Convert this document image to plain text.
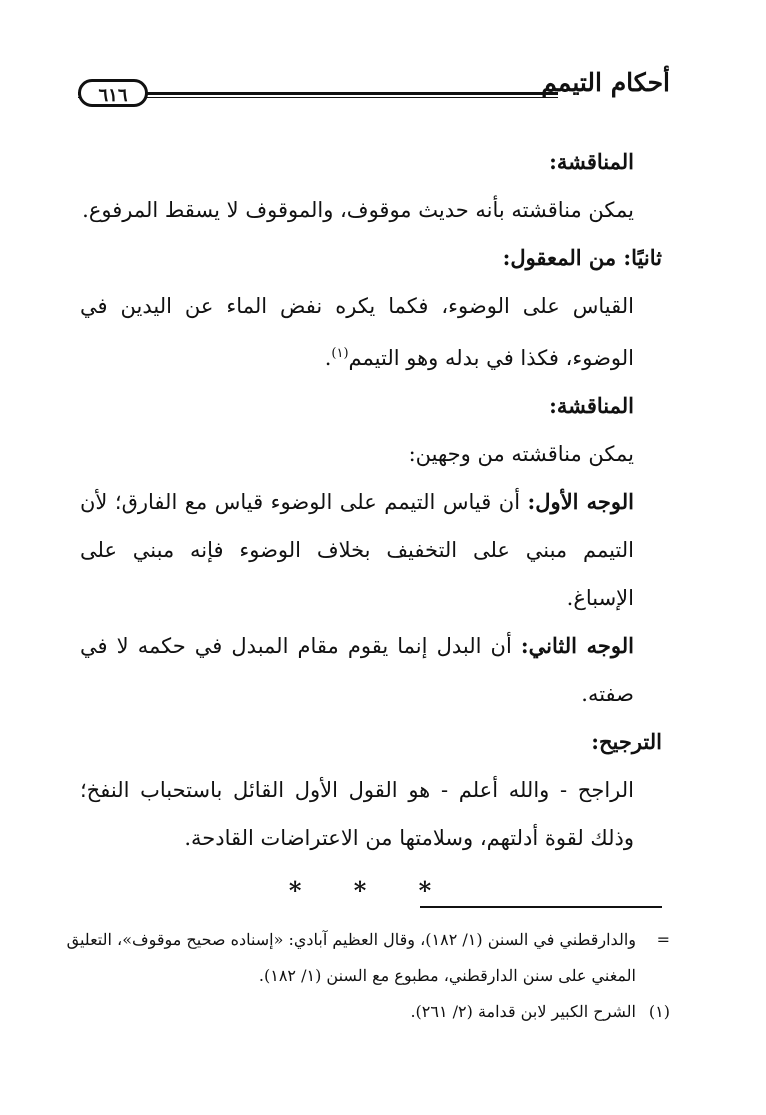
أحكام التيمم
٦١٦

المناقشة:

يمكن مناقشته بأنه حديث موقوف، والموقوف لا يسقط المرفوع.

ثانيًا: من المعقول:

القياس على الوضوء، فكما يكره نفض الماء عن اليدين في الوضوء، فكذا في بدله وهو التيمم$^{(١)}$.

المناقشة:

يمكن مناقشته من وجهين:

الوجه الأول: أن قياس التيمم على الوضوء قياس مع الفارق؛ لأن التيمم مبني على التخفيف بخلاف الوضوء فإنه مبني على الإسباغ.

الوجه الثاني: أن البدل إنما يقوم مقام المبدل في حكمه لا في صفته.

الترجيح:

الراجح - والله أعلم - هو القول الأول القائل باستحباب النفخ؛ وذلك لقوة أدلتهم، وسلامتها من الاعتراضات القادحة.

* * *

=والدارقطني في السنن (١/ ١٨٢)، وقال العظيم آبادي: «إسناده صحيح موقوف»، التعليق

المغني على سنن الدارقطني، مطبوع مع السنن (١/ ١٨٢).

(١)الشرح الكبير لابن قدامة (٢/ ٢٦١).
